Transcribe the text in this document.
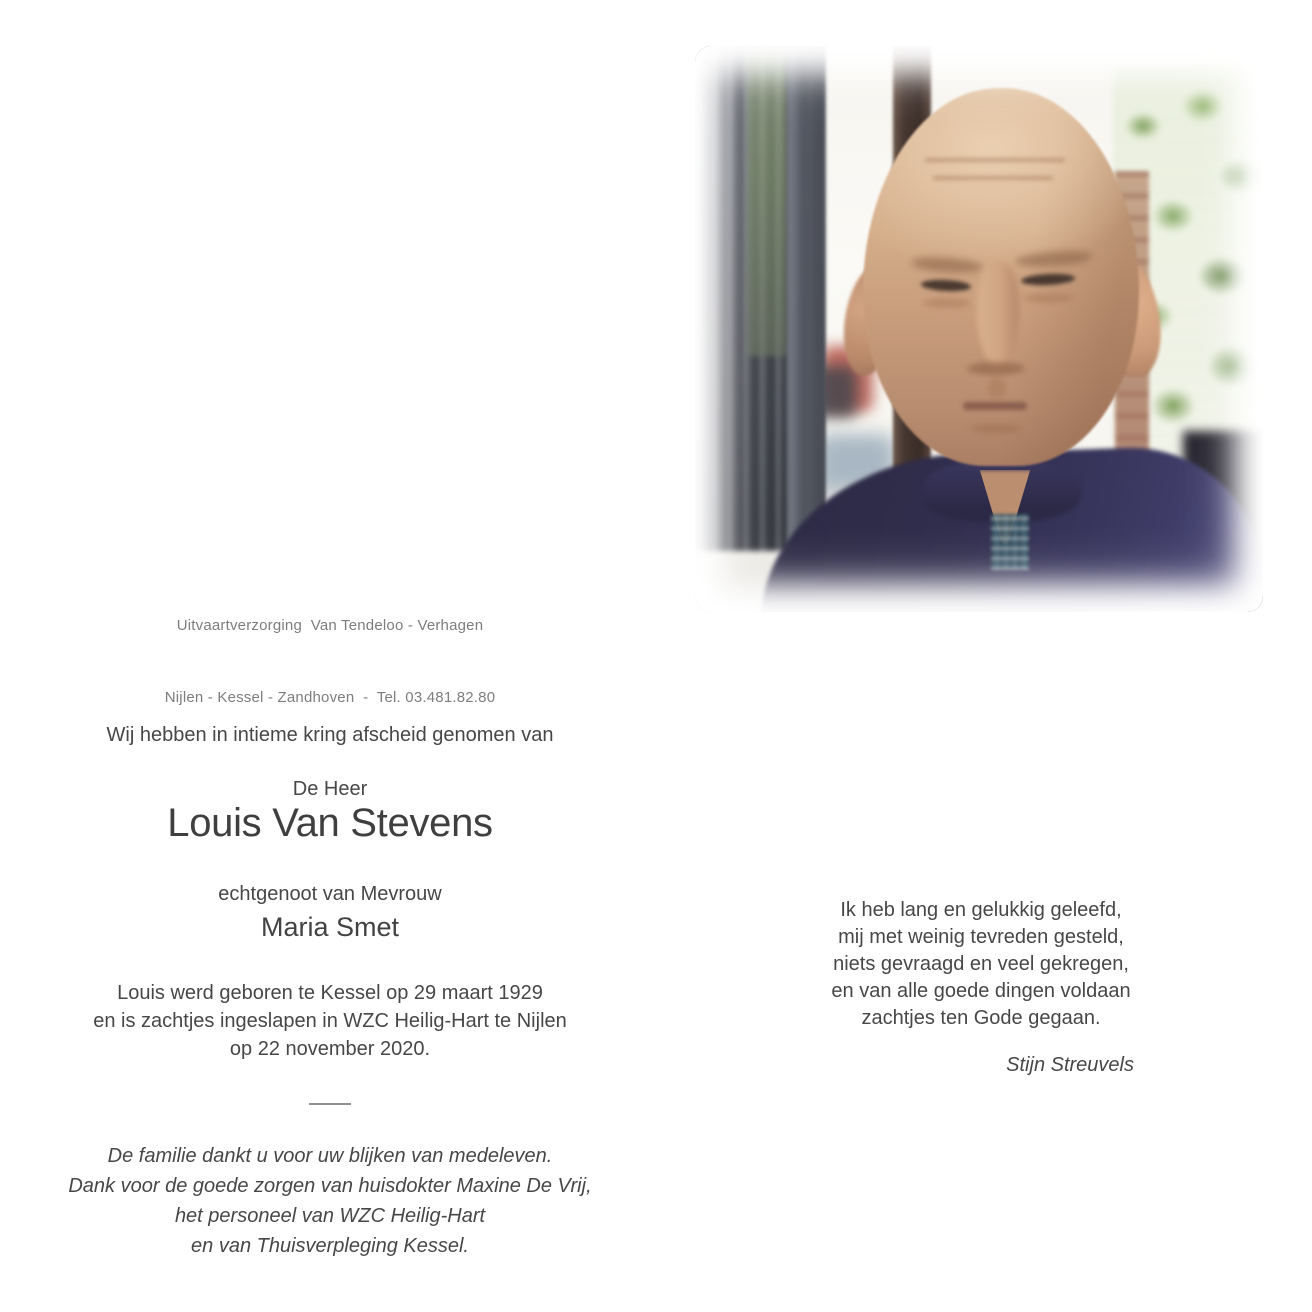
Uitvaartverzorging  Van Tendeloo - Verhagen

Nijlen - Kessel - Zandhoven  -  Tel. 03.481.82.80

Wij hebben in intieme kring afscheid genomen van
De Heer
Louis Van Stevens
echtgenoot van Mevrouw
Maria Smet
Louis werd geboren te Kessel op 29 maart 1929
en is zachtjes ingeslapen in WZC Heilig-Hart te Nijlen
op 22 november 2020.
De familie dankt u voor uw blijken van medeleven.
Dank voor de goede zorgen van huisdokter Maxine De Vrij,
het personeel van WZC Heilig-Hart
en van Thuisverpleging Kessel.
Ik heb lang en gelukkig geleefd,
mij met weinig tevreden gesteld,
niets gevraagd en veel gekregen,
en van alle goede dingen voldaan
zachtjes ten Gode gegaan.
Stijn Streuvels
